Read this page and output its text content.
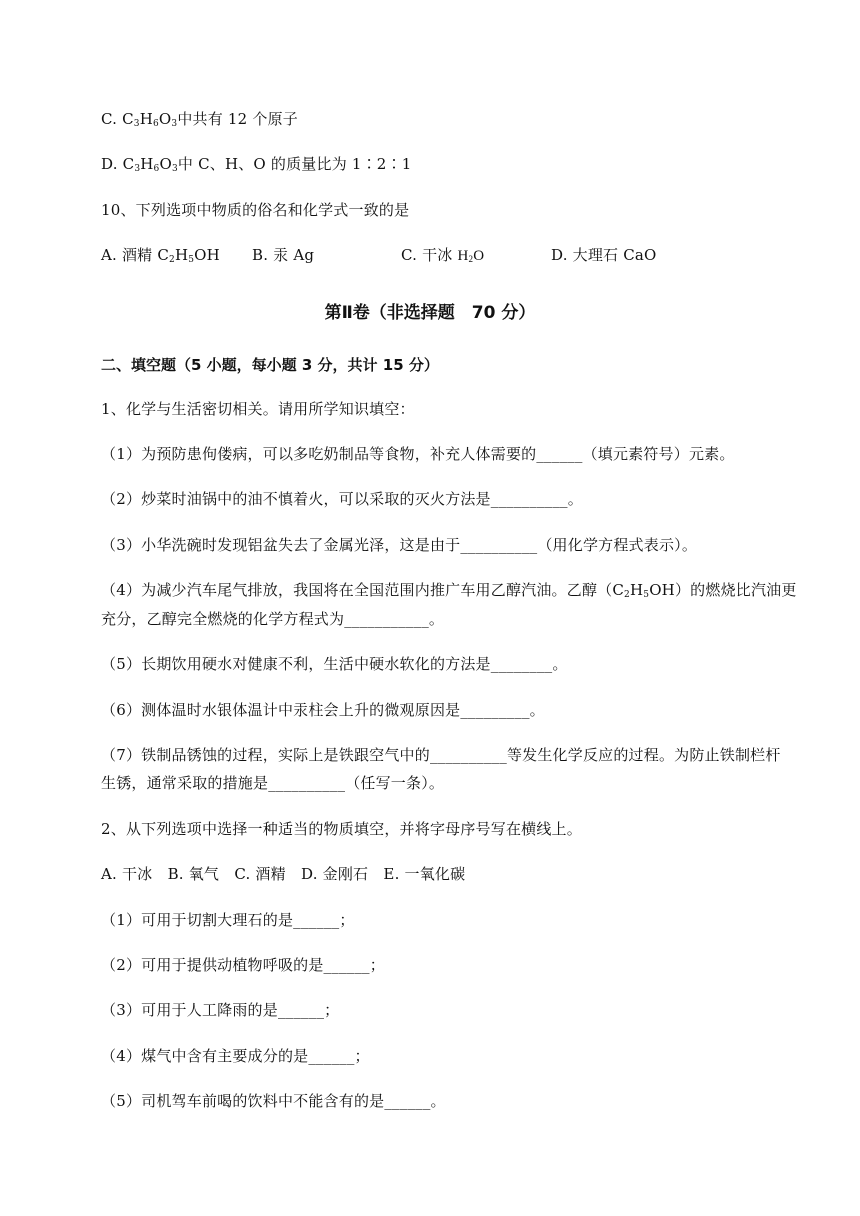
C. $C_3H_6O_3$中共有 12 个原子
D. $C_3H_6O_3$中 C、H、O 的质量比为 1∶2∶1
10、下列选项中物质的俗名和化学式一致的是
A. 酒精 $C_2H_5OH$ B. 汞 Ag	C. 干冰 $H_2O$	D. 大理石 CaO
第Ⅱ卷（非选择题　70 分）
二、填空题（5 小题，每小题 3 分，共计 15 分）
1、化学与生活密切相关。请用所学知识填空：
（1）为预防患佝偻病，可以多吃奶制品等食物，补充人体需要的______（填元素符号）元素。
（2）炒菜时油锅中的油不慎着火，可以采取的灭火方法是__________。
（3）小华洗碗时发现铝盆失去了金属光泽，这是由于__________（用化学方程式表示）。
（4）为减少汽车尾气排放，我国将在全国范围内推广车用乙醇汽油。乙醇$(C_2H_5OH)$的燃烧比汽油更
充分，乙醇完全燃烧的化学方程式为___________。
（5）长期饮用硬水对健康不利，生活中硬水软化的方法是________。
（6）测体温时水银体温计中汞柱会上升的微观原因是_________。
（7）铁制品锈蚀的过程，实际上是铁跟空气中的__________等发生化学反应的过程。为防止铁制栏杆
生锈，通常采取的措施是__________（任写一条）。
2、从下列选项中选择一种适当的物质填空，并将字母序号写在横线上。
A. 干冰　B. 氧气　C. 酒精　D. 金刚石　E. 一氧化碳
（1）可用于切割大理石的是______；
（2）可用于提供动植物呼吸的是______；
（3）可用于人工降雨的是______；
（4）煤气中含有主要成分的是______；
（5）司机驾车前喝的饮料中不能含有的是______。
